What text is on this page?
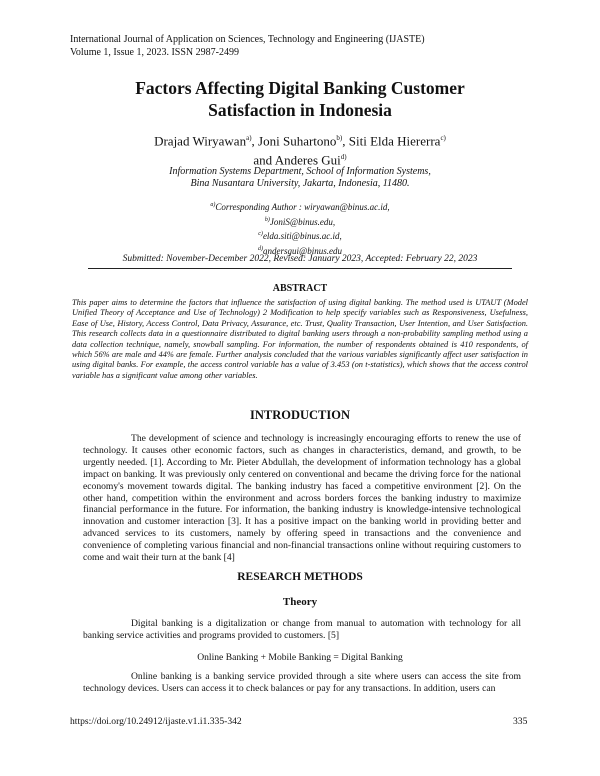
International Journal of Application on Sciences, Technology and Engineering (IJASTE)
Volume 1, Issue 1, 2023. ISSN 2987-2499
Factors Affecting Digital Banking Customer
Satisfaction in Indonesia
Drajad Wiryawan$^{a)}$, Joni Suhartono$^{b)}$, Siti Elda Hiererra$^{c)}$
and Anderes Gui$^{d)}$
Information Systems Department, School of Information Systems,
Bina Nusantara University, Jakarta, Indonesia, 11480.
$^{a)}$Corresponding Author : wiryawan@binus.ac.id,
$^{b)}$JoniS@binus.edu,
$^{c)}$elda.siti@binus.ac.id,
$^{d)}$andersgui@binus.edu
Submitted: November-December 2022, Revised: January 2023, Accepted: February 22, 2023
ABSTRACT
This paper aims to determine the factors that influence the satisfaction of using digital banking. The method used is UTAUT (Model Unified Theory of Acceptance and Use of Technology) 2 Modification to help specify variables such as Responsiveness, Usefulness, Ease of Use, History, Access Control, Data Privacy, Assurance, etc. Trust, Quality Transaction, User Intention, and User Satisfaction. This research collects data in a questionnaire distributed to digital banking users through a non-probability sampling method using a data collection technique, namely, snowball sampling. For information, the number of respondents obtained is 410 respondents, of which 56% are male and 44% are female. Further analysis concluded that the various variables significantly affect user satisfaction in using digital banks. For example, the access control variable has a value of 3.453 (on t-statistics), which shows that the access control variable has a significant value among other variables.
INTRODUCTION
The development of science and technology is increasingly encouraging efforts to renew the use of technology. It causes other economic factors, such as changes in characteristics, demand, and growth, to be urgently needed. [1]. According to Mr. Pieter Abdullah, the development of information technology has a global impact on banking. It was previously only centered on conventional and became the driving force for the national economy's movement towards digital. The banking industry has faced a competitive environment [2]. On the other hand, competition within the environment and across borders forces the banking industry to maximize financial performance in the future. For information, the banking industry is knowledge-intensive technological innovation and customer interaction [3]. It has a positive impact on the banking world in providing better and advanced services to its customers, namely by offering speed in transactions and the convenience and convenience of completing various financial and non-financial transactions online without requiring customers to come and wait their turn at the bank [4]
RESEARCH METHODS
Theory
Digital banking is a digitalization or change from manual to automation with technology for all banking service activities and programs provided to customers. [5]
Online Banking + Mobile Banking = Digital Banking
Online banking is a banking service provided through a site where users can access the site from technology devices. Users can access it to check balances or pay for any transactions. In addition, users can
https://doi.org/10.24912/ijaste.v1.i1.335-342	335
